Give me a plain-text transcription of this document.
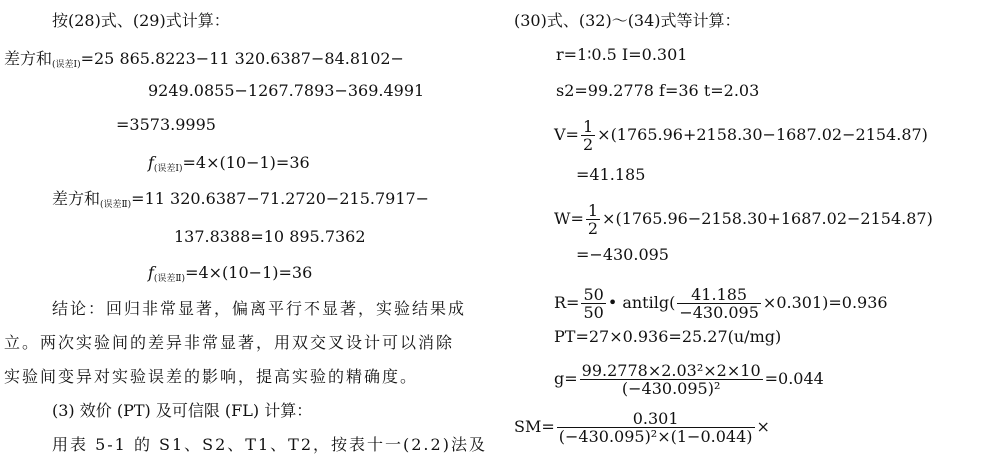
按(28)式、(29)式计算：
差方和$_{(误差Ⅰ)}$=25 865.8223−11 320.6387−84.8102−
9249.0855−1267.7893−369.4991
=3573.9995
$f_{(误差Ⅰ)}=4\times(10-1)=36$
差方和$_{(误差Ⅱ)}$=11 320.6387−71.2720−215.7917−
137.8388=10 895.7362
$f_{(误差Ⅱ)}=4\times(10-1)=36$
结论：回归非常显著，偏离平行不显著，实验结果成
立。两次实验间的差异非常显著，用双交叉设计可以消除
实验间变异对实验误差的影响，提高实验的精确度。
(3) 效价 (PT) 及可信限 (FL) 计算：
用表 5-1 的 S1、S2、T1、T2，按表十一(2.2)法及
(30)式、(32)～(34)式等计算：
r=1∶0.5 I=0.301
s2=99.2778 f=36 t=2.03
$V= \frac{1}{2} \times(1765.96+2158.30-1687.02-2154.87)$
=41.185
$W= \frac{1}{2} \times(1765.96-2158.30+1687.02-2154.87)$
=−430.095
$R= \frac{50}{50}$ • antilg( $\frac{41.185}{-430.095} \times 0.301)=0.936$
PT=27×0.936=25.27(u/mg)
$g= \frac{\text{99.2778×2.03²×2×10}}{\text{(−430.095)²}} =0.044$
$SM= \frac{0.301}{\text{(−430.095)²×(1−0.044)}}$ ×
